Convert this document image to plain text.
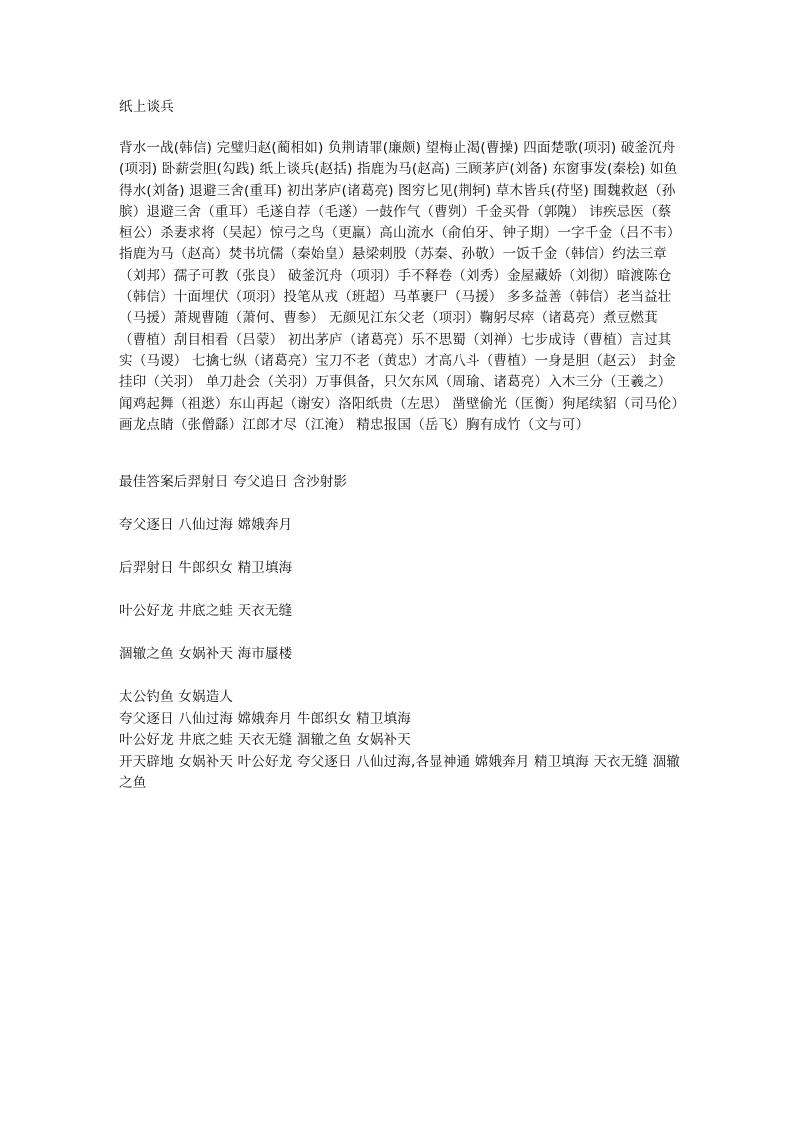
纸上谈兵

背水一战(韩信) 完璧归赵(蔺相如) 负荆请罪(廉颇) 望梅止渴(曹操) 四面楚歌(项羽) 破釜沉舟(项羽) 卧薪尝胆(勾践) 纸上谈兵(赵括) 指鹿为马(赵高) 三顾茅庐(刘备) 东窗事发(秦桧) 如鱼得水(刘备) 退避三舍(重耳) 初出茅庐(诸葛亮) 图穷匕见(荆轲) 草木皆兵(苻坚) 围魏救赵（孙膑）退避三舍（重耳）毛遂自荐（毛遂）一鼓作气（曹刿）千金买骨（郭隗） 讳疾忌医（蔡桓公）杀妻求将（吴起）惊弓之鸟（更羸）高山流水（俞伯牙、钟子期）一字千金（吕不韦）指鹿为马（赵高）焚书坑儒（秦始皇）悬梁刺股（苏秦、孙敬）一饭千金（韩信）约法三章（刘邦）孺子可教（张良） 破釜沉舟（项羽）手不释卷（刘秀）金屋藏娇（刘彻）暗渡陈仓（韩信）十面埋伏（项羽）投笔从戎（班超）马革裹尸（马援） 多多益善（韩信）老当益壮（马援）萧规曹随（萧何、曹参） 无颜见江东父老（项羽）鞠躬尽瘁（诸葛亮）煮豆燃萁（曹植）刮目相看（吕蒙） 初出茅庐（诸葛亮）乐不思蜀（刘禅）七步成诗（曹植）言过其实（马谡） 七擒七纵（诸葛亮）宝刀不老（黄忠）才高八斗（曹植）一身是胆（赵云） 封金挂印（关羽） 单刀赴会（关羽）万事俱备，只欠东风（周瑜、诸葛亮）入木三分（王羲之）闻鸡起舞（祖逖）东山再起（谢安）洛阳纸贵（左思） 凿壁偷光（匡衡）狗尾续貂（司马伦）画龙点睛（张僧繇）江郎才尽（江淹） 精忠报国（岳飞）胸有成竹（文与可）

最佳答案后羿射日 夸父追日 含沙射影

夸父逐日 八仙过海 嫦娥奔月

后羿射日 牛郎织女 精卫填海

叶公好龙 井底之蛙 天衣无缝

涸辙之鱼 女娲补天 海市蜃楼

太公钓鱼 女娲造人

夸父逐日 八仙过海 嫦娥奔月 牛郎织女 精卫填海

叶公好龙 井底之蛙 天衣无缝 涸辙之鱼 女娲补天

开天辟地 女娲补天 叶公好龙 夸父逐日 八仙过海,各显神通 嫦娥奔月 精卫填海 天衣无缝 涸辙之鱼
